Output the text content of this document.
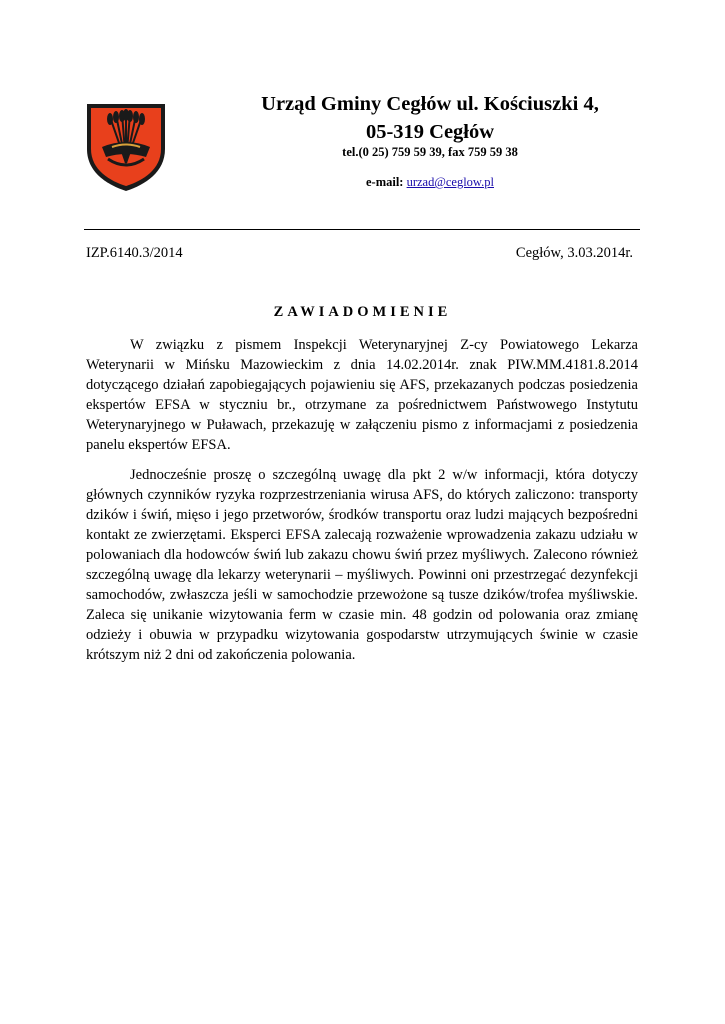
Urząd Gminy Cegłów ul. Kościuszki 4,
05-319 Cegłów
tel.(0 25) 759 59 39, fax 759 59 38
e-mail: urzad@ceglow.pl
IZP.6140.3/2014	Cegłów, 3.03.2014r.
ZAWIADOMIENIE

W związku z pismem Inspekcji Weterynaryjnej Z-cy Powiatowego Lekarza Weterynarii w Mińsku Mazowieckim z dnia 14.02.2014r. znak PIW.MM.4181.8.2014 dotyczącego działań zapobiegających pojawieniu się AFS, przekazanych podczas posiedzenia ekspertów EFSA w styczniu br., otrzymane za pośrednictwem Państwowego Instytutu Weterynaryjnego w Puławach, przekazuję w załączeniu pismo z informacjami z posiedzenia panelu ekspertów EFSA.

Jednocześnie proszę o szczególną uwagę dla pkt 2 w/w informacji, która dotyczy głównych czynników ryzyka rozprzestrzeniania wirusa AFS, do których zaliczono: transporty dzików i świń, mięso i jego przetworów, środków transportu oraz ludzi mających bezpośredni kontakt ze zwierzętami. Eksperci EFSA zalecają rozważenie wprowadzenia zakazu udziału w polowaniach dla hodowców świń lub zakazu chowu świń przez myśliwych. Zalecono również szczególną uwagę dla lekarzy weterynarii – myśliwych. Powinni oni przestrzegać dezynfekcji samochodów, zwłaszcza jeśli w samochodzie przewożone są tusze dzików/trofea myśliwskie. Zaleca się unikanie wizytowania ferm w czasie min. 48 godzin od polowania oraz zmianę odzieży i obuwia w przypadku wizytowania gospodarstw utrzymujących świnie w czasie krótszym niż 2 dni od zakończenia polowania.
